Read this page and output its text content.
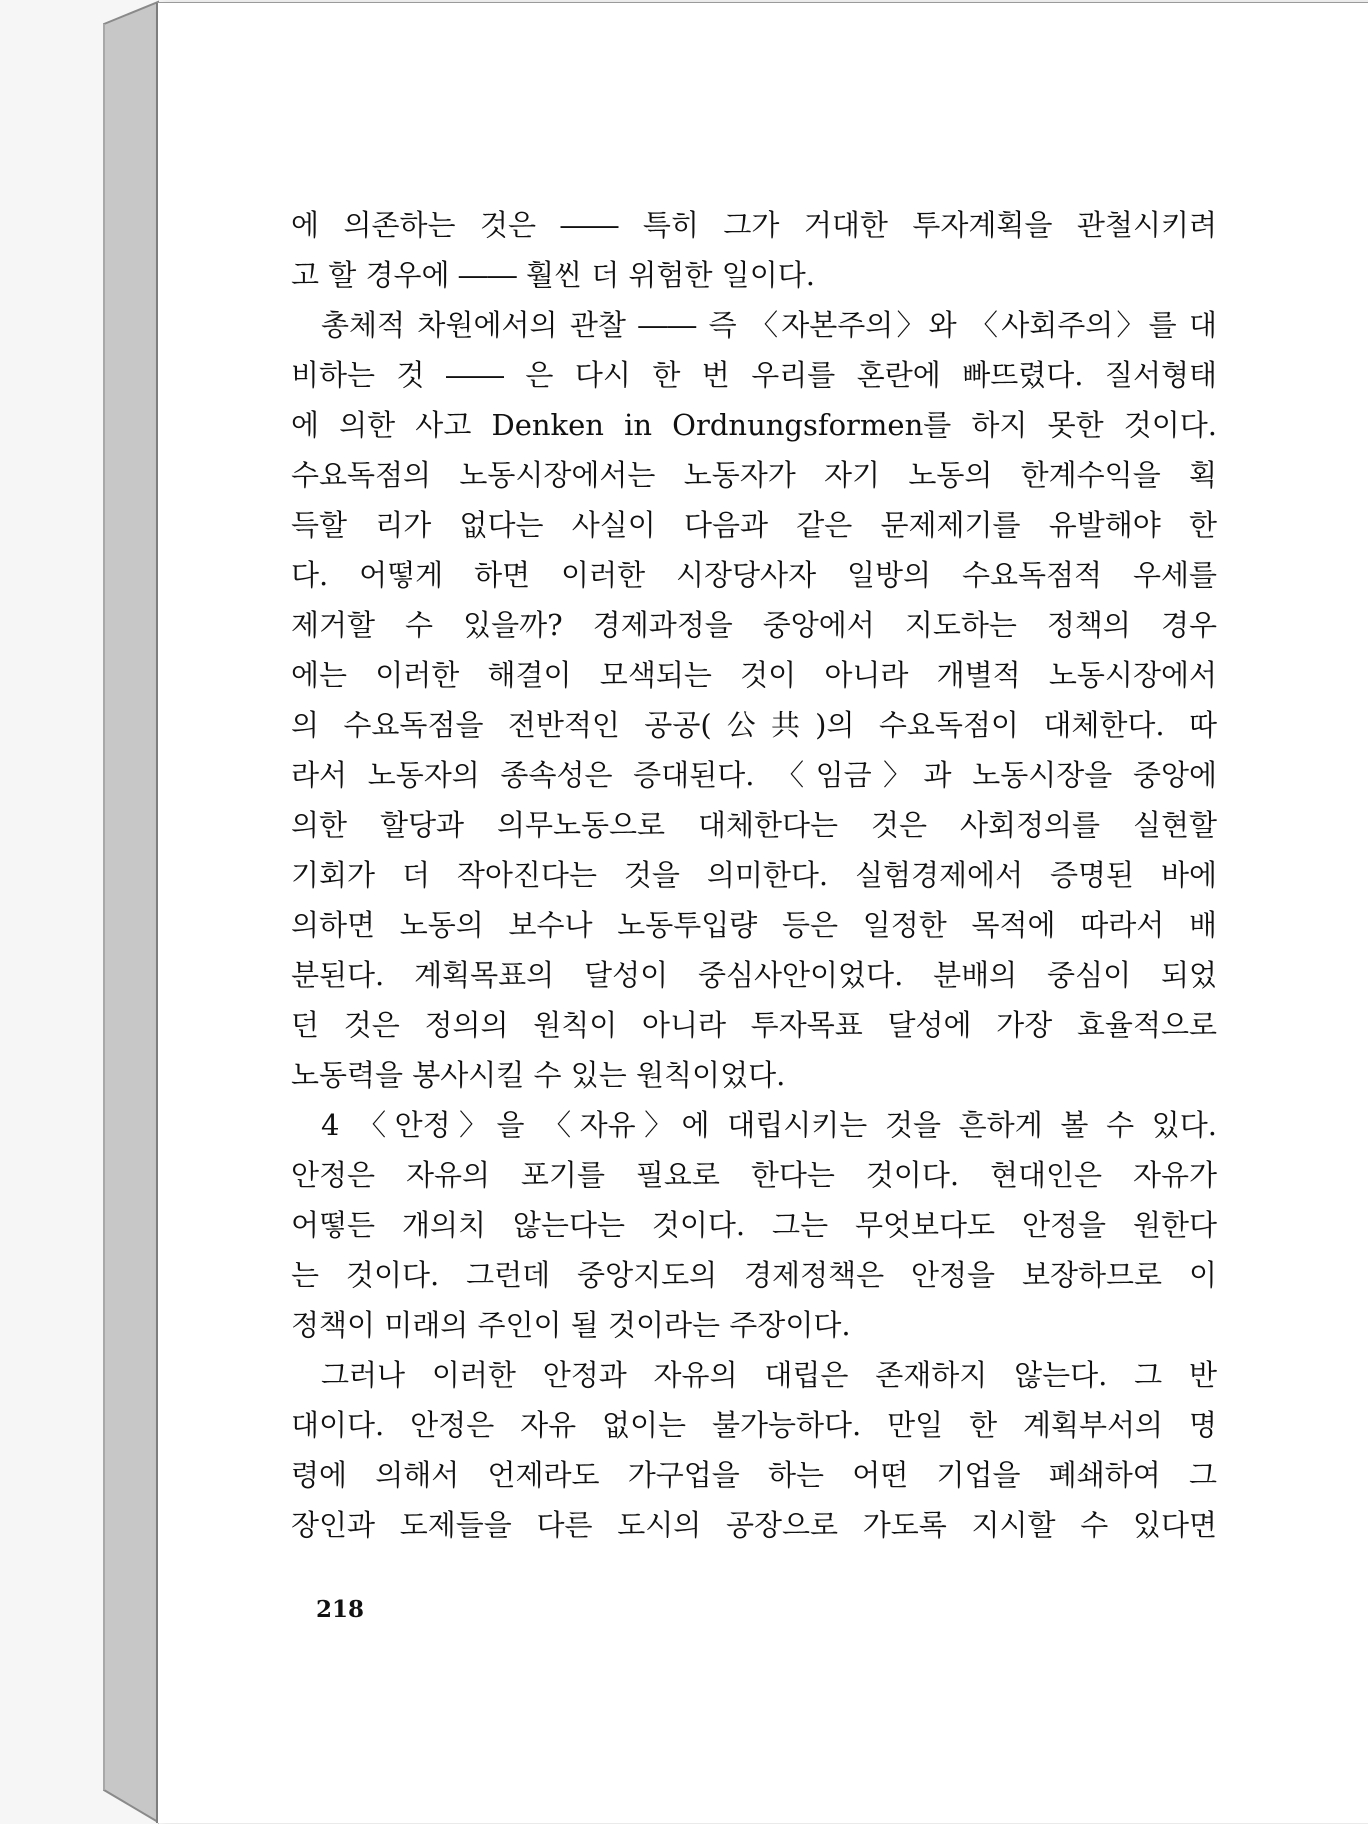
에 의존하는 것은 ―― 특히 그가 거대한 투자계획을 관철시키려
고 할 경우에 ―― 훨씬 더 위험한 일이다.
총체적 차원에서의 관찰 ―― 즉 〈자본주의〉와 〈사회주의〉를 대
비하는 것 ―― 은 다시 한 번 우리를 혼란에 빠뜨렸다. 질서형태
에 의한 사고 Denken in Ordnungsformen를 하지 못한 것이다.
수요독점의 노동시장에서는 노동자가 자기 노동의 한계수익을 획
득할 리가 없다는 사실이 다음과 같은 문제제기를 유발해야 한
다. 어떻게 하면 이러한 시장당사자 일방의 수요독점적 우세를
제거할 수 있을까? 경제과정을 중앙에서 지도하는 정책의 경우
에는 이러한 해결이 모색되는 것이 아니라 개별적 노동시장에서
의 수요독점을 전반적인 공공(公共)의 수요독점이 대체한다. 따
라서 노동자의 종속성은 증대된다. 〈임금〉과 노동시장을 중앙에
의한 할당과 의무노동으로 대체한다는 것은 사회정의를 실현할
기회가 더 작아진다는 것을 의미한다. 실험경제에서 증명된 바에
의하면 노동의 보수나 노동투입량 등은 일정한 목적에 따라서 배
분된다. 계획목표의 달성이 중심사안이었다. 분배의 중심이 되었
던 것은 정의의 원칙이 아니라 투자목표 달성에 가장 효율적으로
노동력을 봉사시킬 수 있는 원칙이었다.
4 〈안정〉을 〈자유〉에 대립시키는 것을 흔하게 볼 수 있다.
안정은 자유의 포기를 필요로 한다는 것이다. 현대인은 자유가
어떻든 개의치 않는다는 것이다. 그는 무엇보다도 안정을 원한다
는 것이다. 그런데 중앙지도의 경제정책은 안정을 보장하므로 이
정책이 미래의 주인이 될 것이라는 주장이다.
그러나 이러한 안정과 자유의 대립은 존재하지 않는다. 그 반
대이다. 안정은 자유 없이는 불가능하다. 만일 한 계획부서의 명
령에 의해서 언제라도 가구업을 하는 어떤 기업을 폐쇄하여 그
장인과 도제들을 다른 도시의 공장으로 가도록 지시할 수 있다면
218
